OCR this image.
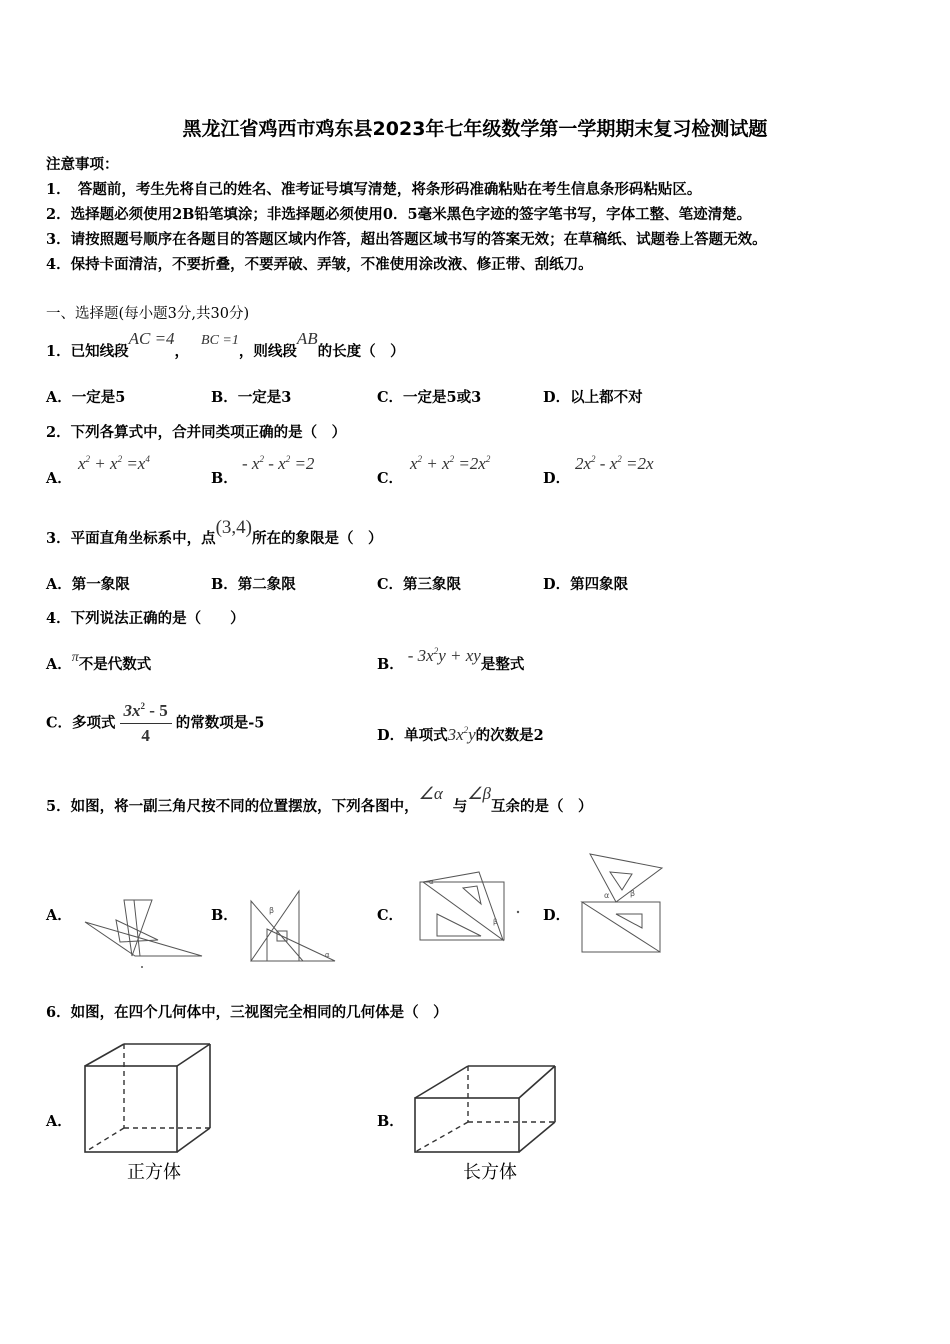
黑龙江省鸡西市鸡东县2023年七年级数学第一学期期末复习检测试题
注意事项：
1．　答题前，考生先将自己的姓名、准考证号填写清楚，将条形码准确粘贴在考生信息条形码粘贴区。
2．选择题必须使用2B铅笔填涂；非选择题必须使用0．5毫米黑色字迹的签字笔书写，字体工整、笔迹清楚。
3．请按照题号顺序在各题目的答题区域内作答，超出答题区域书写的答案无效；在草稿纸、试题卷上答题无效。
4．保持卡面清洁，不要折叠，不要弄破、弄皱，不准使用涂改液、修正带、刮纸刀。
一、选择题(每小题3分,共30分)
1．已知线段AC =4，BC =1，则线段AB的长度（　）
A．一定是5	B．一定是3	C．一定是5或3	D．以上都不对
2．下列各算式中，合并同类项正确的是（　）
A．
$x^2 + x^2 =x^4$
B．
- $x^2 - x^2 =2$
C．
$x^2 + x^2 =2x^2$
D．
$2x^2 - x^2 =2x$
3．平面直角坐标系中，点(3,4)所在的象限是（　）
A．第一象限	B．第二象限	C．第三象限	D．第四象限
4．下列说法正确的是（　　）
A．π不是代数式	B． - $3x^2y$ + xy是整式
C．多项式 $\frac{3x^2 - 5}{4}$ 的常数项是-5
D．单项式$3x^2y$的次数是2
5．如图，将一副三角尺按不同的位置摆放，下列各图中，∠α与∠β互余的是（　）
A．	B．	C．	D．
β
α
α
β
α	β
6．如图，在四个几何体中，三视图完全相同的几何体是（　）
A．	B．
正方体	长方体
